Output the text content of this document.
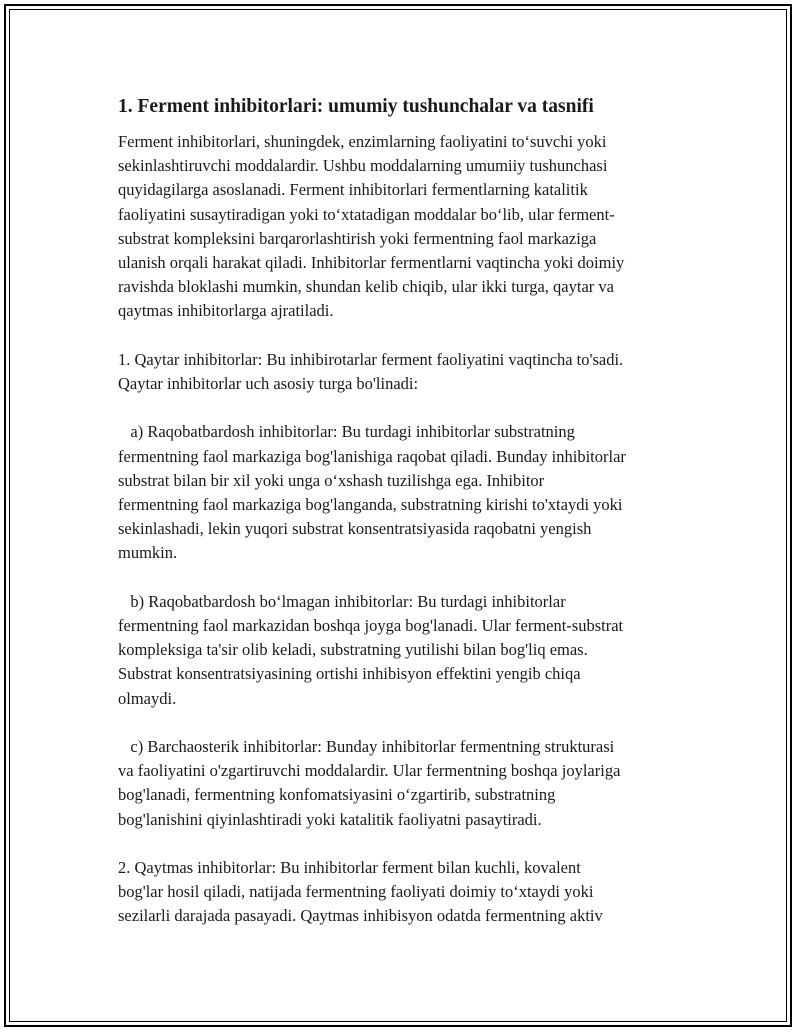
1. Ferment inhibitorlari: umumiy tushunchalar va tasnifi

Ferment inhibitorlari, shuningdek, enzimlarning faoliyatini to‘suvchi yoki
sekinlashtiruvchi moddalardir. Ushbu moddalarning umumiiy tushunchasi
quyidagilarga asoslanadi. Ferment inhibitorlari fermentlarning katalitik
faoliyatini susaytiradigan yoki to‘xtatadigan moddalar bo‘lib, ular ferment-
substrat kompleksini barqarorlashtirish yoki fermentning faol markaziga
ulanish orqali harakat qiladi. Inhibitorlar fermentlarni vaqtincha yoki doimiy
ravishda bloklashi mumkin, shundan kelib chiqib, ular ikki turga, qaytar va
qaytmas inhibitorlarga ajratiladi.

1. Qaytar inhibitorlar: Bu inhibirotarlar ferment faoliyatini vaqtincha to'sadi.
Qaytar inhibitorlar uch asosiy turga bo'linadi:

a) Raqobatbardosh inhibitorlar: Bu turdagi inhibitorlar substratning
fermentning faol markaziga bog'lanishiga raqobat qiladi. Bunday inhibitorlar
substrat bilan bir xil yoki unga o‘xshash tuzilishga ega. Inhibitor
fermentning faol markaziga bog'langanda, substratning kirishi to'xtaydi yoki
sekinlashadi, lekin yuqori substrat konsentratsiyasida raqobatni yengish
mumkin.

b) Raqobatbardosh bo‘lmagan inhibitorlar: Bu turdagi inhibitorlar
fermentning faol markazidan boshqa joyga bog'lanadi. Ular ferment-substrat
kompleksiga ta'sir olib keladi, substratning yutilishi bilan bog'liq emas.
Substrat konsentratsiyasining ortishi inhibisyon effektini yengib chiqa
olmaydi.

c) Barchaosterik inhibitorlar: Bunday inhibitorlar fermentning strukturasi
va faoliyatini o'zgartiruvchi moddalardir. Ular fermentning boshqa joylariga
bog'lanadi, fermentning konfomatsiyasini o‘zgartirib, substratning
bog'lanishini qiyinlashtiradi yoki katalitik faoliyatni pasaytiradi.

2. Qaytmas inhibitorlar: Bu inhibitorlar ferment bilan kuchli, kovalent
bog'lar hosil qiladi, natijada fermentning faoliyati doimiy to‘xtaydi yoki
sezilarli darajada pasayadi. Qaytmas inhibisyon odatda fermentning aktiv
